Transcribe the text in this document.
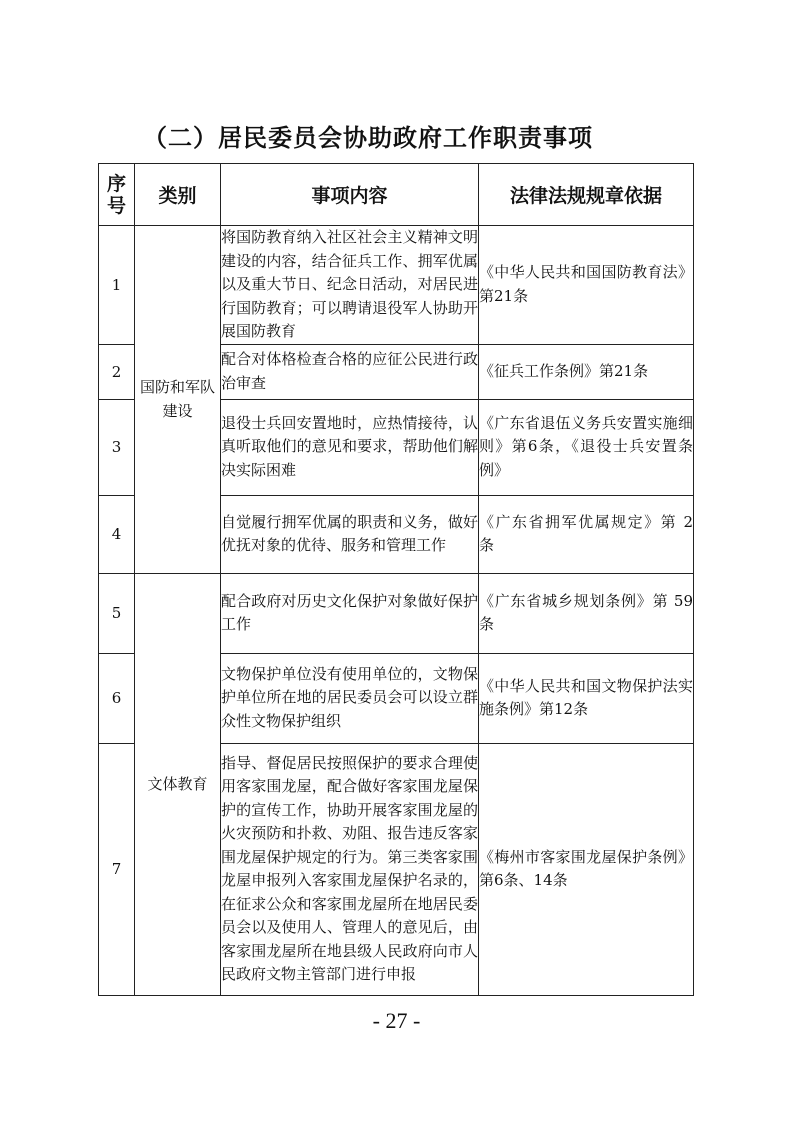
（二）居民委员会协助政府工作职责事项
序号	类别	事项内容	法律法规规章依据
1	国防和军队建设	将国防教育纳入社区社会主义精神文明建设的内容，结合征兵工作、拥军优属以及重大节日、纪念日活动，对居民进行国防教育；可以聘请退役军人协助开展国防教育	《中华人民共和国国防教育法》第21条
2		配合对体格检查合格的应征公民进行政治审查	《征兵工作条例》第21条
3		退役士兵回安置地时，应热情接待，认真听取他们的意见和要求，帮助他们解决实际困难	《广东省退伍义务兵安置实施细则》第6条，《退役士兵安置条例》
4		自觉履行拥军优属的职责和义务，做好优抚对象的优待、服务和管理工作	《广东省拥军优属规定》第 2 条
5	文体教育	配合政府对历史文化保护对象做好保护工作	《广东省城乡规划条例》第 59 条
6		文物保护单位没有使用单位的，文物保护单位所在地的居民委员会可以设立群众性文物保护组织	《中华人民共和国文物保护法实施条例》第12条
7		指导、督促居民按照保护的要求合理使用客家围龙屋，配合做好客家围龙屋保护的宣传工作，协助开展客家围龙屋的火灾预防和扑救、劝阻、报告违反客家围龙屋保护规定的行为。第三类客家围龙屋申报列入客家围龙屋保护名录的，在征求公众和客家围龙屋所在地居民委员会以及使用人、管理人的意见后，由客家围龙屋所在地县级人民政府向市人民政府文物主管部门进行申报	《梅州市客家围龙屋保护条例》第6条、14条
- 27 -
